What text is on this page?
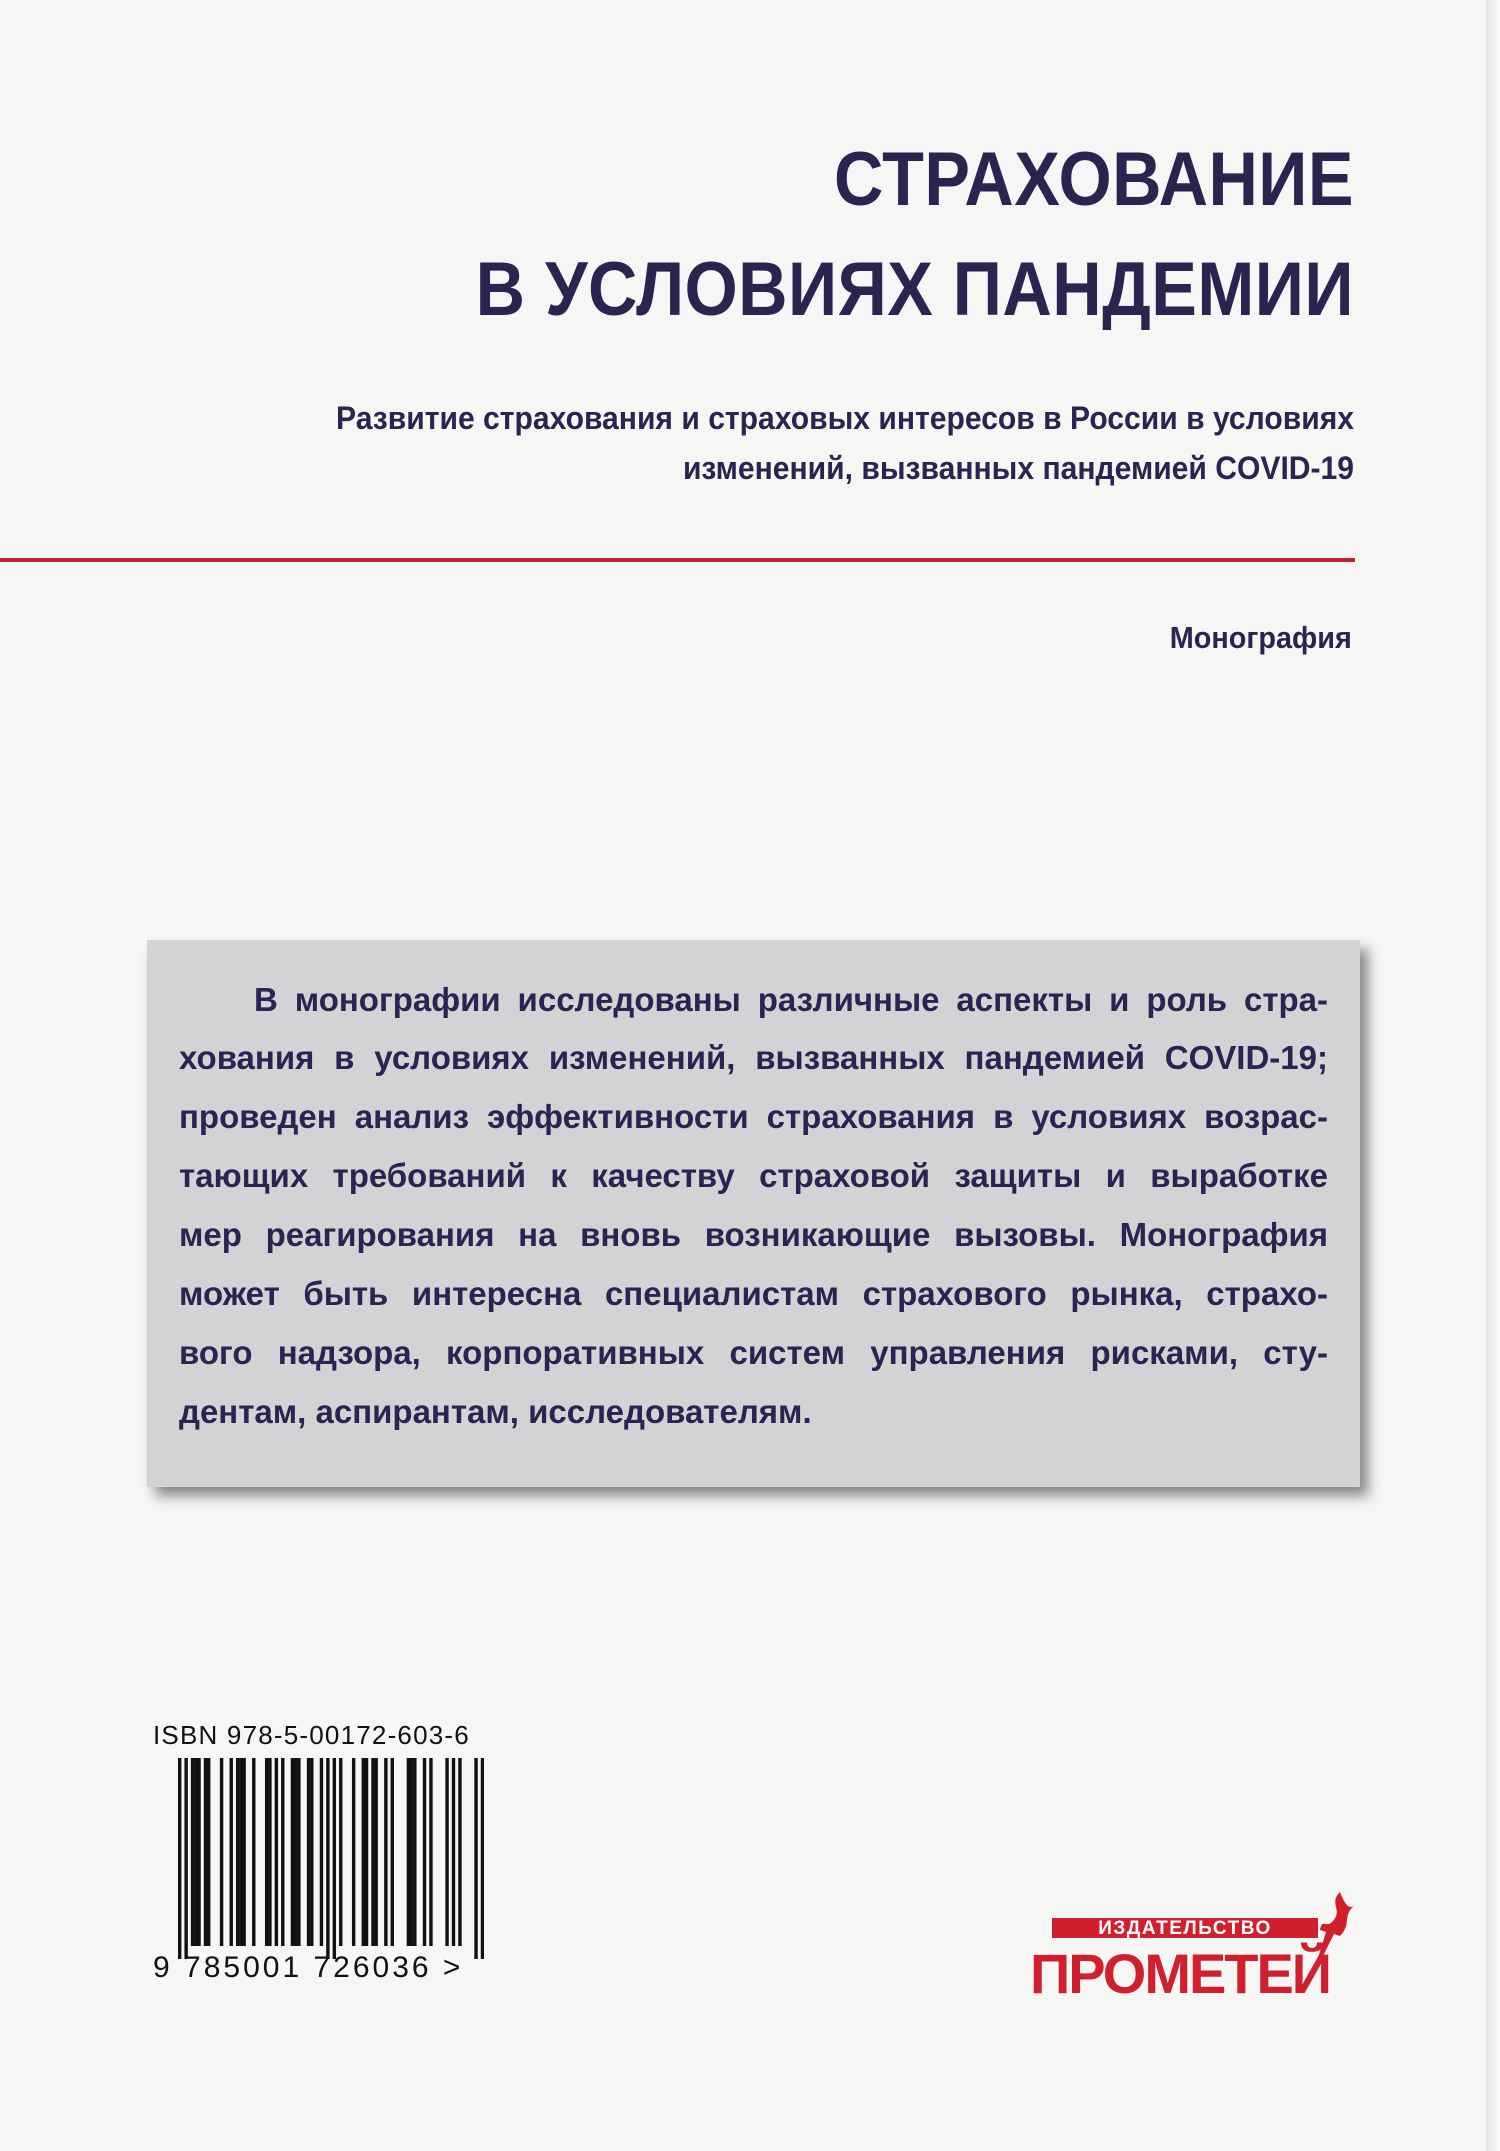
СТРАХОВАНИЕ
В УСЛОВИЯХ ПАНДЕМИИ
Развитие страхования и страховых интересов в России в условиях
изменений, вызванных пандемией COVID-19
Монография
В монографии исследованы различные аспекты и роль стра-
хования в условиях изменений, вызванных пандемией COVID-19;
проведен анализ эффективности страхования в условиях возрас-
тающих требований к качеству страховой защиты и выработке
мер реагирования на вновь возникающие вызовы. Монография
может быть интересна специалистам страхового рынка, страхо-
вого надзора, корпоративных систем управления рисками, сту-
дентам, аспирантам, исследователям.
ISBN 978-5-00172-603-6
9 785001 726036 >
ИЗДАТЕЛЬСТВО
ПРОМЕТЕЙ
